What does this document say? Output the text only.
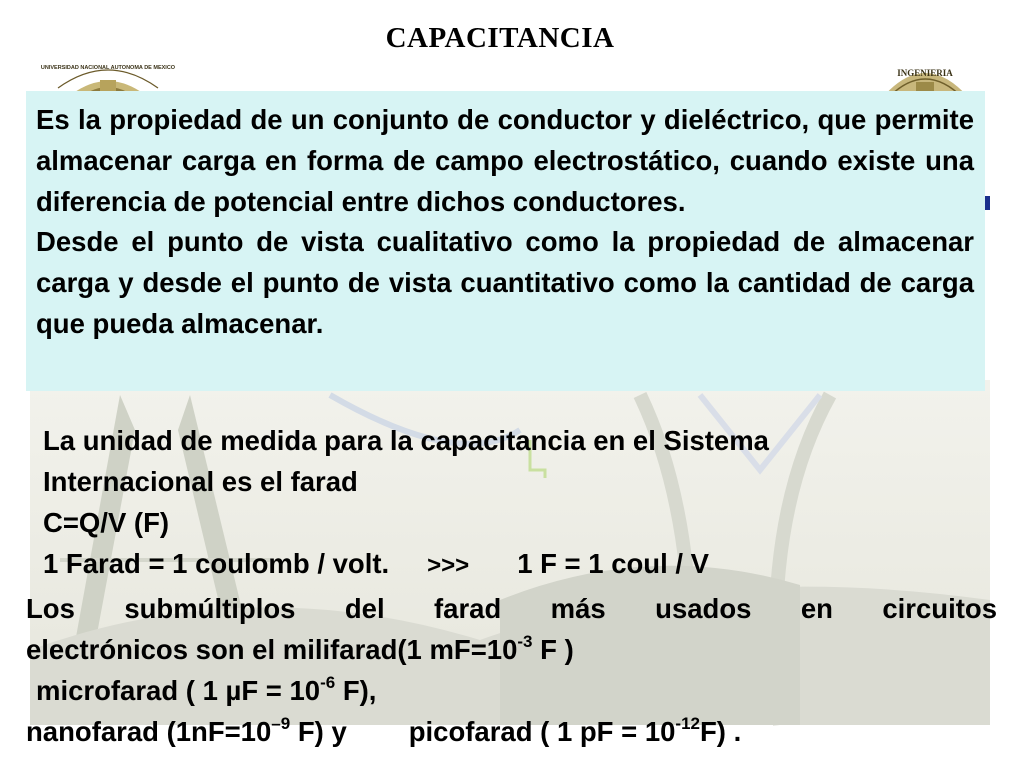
CAPACITANCIA
UNIVERSIDAD NACIONAL AUTONOMA DE MEXICO	INGENIERIA

Es la propiedad de un conjunto de conductor y dieléctrico, que permite almacenar carga en forma de campo electrostático, cuando existe una diferencia de potencial entre dichos conductores.

Desde el punto de vista cualitativo como la propiedad de almacenar carga y desde el punto de vista cuantitativo como la cantidad de carga que pueda almacenar.

La unidad de medida para la capacitancia en el Sistema
Internacional es el farad
C=Q/V (F)
1 Farad = 1 coulomb / volt. >>> 1 F = 1 coul / V
Los submúltiplos del farad más usados en circuitos
electrónicos son el milifarad(1 $mF=10^{-3}$ F )
microfarad ( 1 $\mu F = 10^{-6}$ F),
nanofarad ($1nF=10^{-9}$ F) y picofarad ( 1 pF = $10^{-12}F$) .
